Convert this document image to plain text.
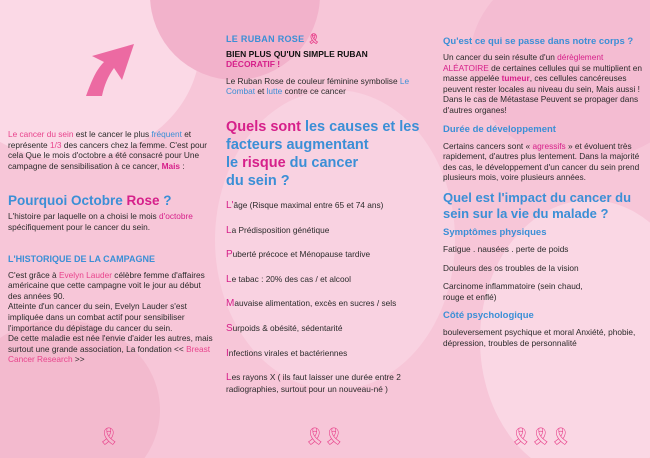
Le cancer du sein est le cancer le plus fréquent et représente 1/3 des cancers chez la femme. C'est pour cela Que le mois d'octobre a été consacré pour Une campagne de sensibilisation à ce cancer, Mais :

Pourquoi Octobre Rose ?

L'histoire par laquelle on a choisi le mois d'octobre spécifiquement pour le cancer du sein.

L'HISTORIQUE DE LA CAMPAGNE

C'est grâce à Evelyn Lauder célèbre femme d'affaires américaine que cette campagne voit le jour au début des années 90.

Atteinte d'un cancer du sein, Evelyn Lauder s'est impliquée dans un combat actif pour sensibiliser l'importance du dépistage du cancer du sein.

De cette maladie est née l'envie d'aider les autres, mais surtout une grande association, La fondation << Breast Cancer Research >>

LE RUBAN ROSE 🎗

BIEN PLUS QU'UN SIMPLE RUBAN

DÉCORATIF !

Le Ruban Rose de couleur féminine symbolise Le Combat et lutte contre ce cancer

Quels sont les causes et les facteurs augmentant
le risque du cancer
du sein ?

L'âge (Risque maximal entre 65 et 74 ans)

La Prédisposition génétique

Puberté précoce et Ménopause tardive

Le tabac : 20% des cas / et alcool

Mauvaise alimentation, excès en sucres / sels

Surpoids & obésité, sédentarité

Infections virales et bactériennes

Les rayons X ( ils faut laisser une durée entre 2 radiographies, surtout pour un nouveau-né )

Qu'est ce qui se passe dans notre corps ?

Un cancer du sein résulte d'un dérèglement ALÉATOIRE de certaines cellules qui se multiplient en masse appelée tumeur, ces cellules cancéreuses peuvent rester locales au niveau du sein, Mais aussi ! Dans le cas de Métastase Peuvent se propager dans d'autres organes!

Durée de développement

Certains cancers sont « agressifs » et évoluent très rapidement, d'autres plus lentement. Dans la majorité des cas, le développement d'un cancer du sein prend plusieurs mois, voire plusieurs années.

Quel est l'impact du cancer du sein sur la vie du malade ?

Symptômes physiques

Fatigue . nausées . perte de poids

Douleurs des os troubles de la vision

Carcinome inflammatoire (sein chaud, rouge et enflé)

Côté psychologique

bouleversement psychique et moral Anxiété, phobie, dépression, troubles de personnalité

🎗	🎗
🎗	🎗
🎗
🎗
